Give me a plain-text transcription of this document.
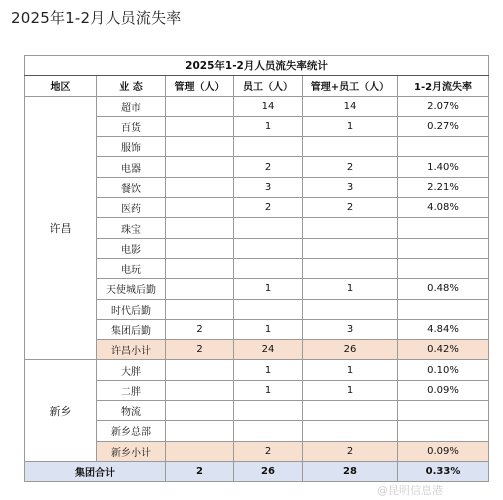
2025年1-2月人员流失率
2025年1-2月人员流失率统计					
地区	业 态	管理（人）	员工（人）	管理+员工（人）	1-2月流失率
许昌	超市		14	14	2.07%
	百货		1	1	0.27%
	服饰				
	电器		2	2	1.40%
	餐饮		3	3	2.21%
	医药		2	2	4.08%
	珠宝				
	电影				
	电玩				
	天使城后勤		1	1	0.48%
	时代后勤				
	集团后勤	2	1	3	4.84%
	许昌小计	2	24	26	0.42%
新乡	大胖		1	1	0.10%
	二胖		1	1	0.09%
	物流				
	新乡总部				
	新乡小计		2	2	0.09%
集团合计		2	26	28	0.33%
@昆明信息港
